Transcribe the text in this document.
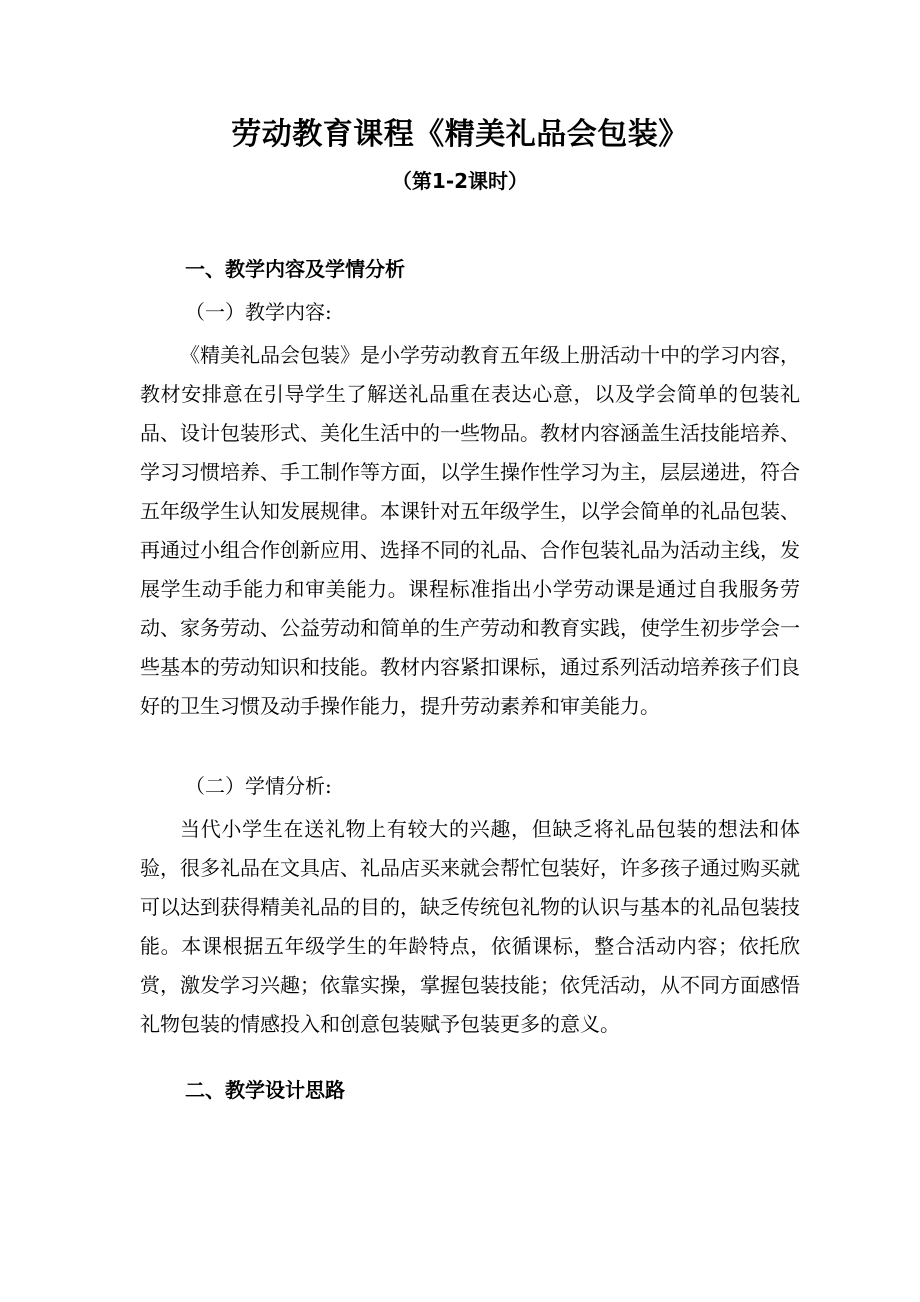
劳动教育课程《精美礼品会包装》
（第1-2课时）
一、教学内容及学情分析
（一）教学内容:

《精美礼品会包装》是小学劳动教育五年级上册活动十中的学习内容，教材安排意在引导学生了解送礼品重在表达心意，以及学会简单的包装礼品、设计包装形式、美化生活中的一些物品。教材内容涵盖生活技能培养、学习习惯培养、手工制作等方面，以学生操作性学习为主，层层递进，符合五年级学生认知发展规律。本课针对五年级学生，以学会简单的礼品包装、再通过小组合作创新应用、选择不同的礼品、合作包装礼品为活动主线，发展学生动手能力和审美能力。课程标准指出小学劳动课是通过自我服务劳动、家务劳动、公益劳动和简单的生产劳动和教育实践，使学生初步学会一些基本的劳动知识和技能。教材内容紧扣课标，通过系列活动培养孩子们良好的卫生习惯及动手操作能力，提升劳动素养和审美能力。

（二）学情分析:

当代小学生在送礼物上有较大的兴趣，但缺乏将礼品包装的想法和体验，很多礼品在文具店、礼品店买来就会帮忙包装好，许多孩子通过购买就可以达到获得精美礼品的目的，缺乏传统包礼物的认识与基本的礼品包装技能。本课根据五年级学生的年龄特点，依循课标，整合活动内容；依托欣赏，激发学习兴趣；依靠实操，掌握包装技能；依凭活动，从不同方面感悟礼物包装的情感投入和创意包装赋予包装更多的意义。

二、教学设计思路
